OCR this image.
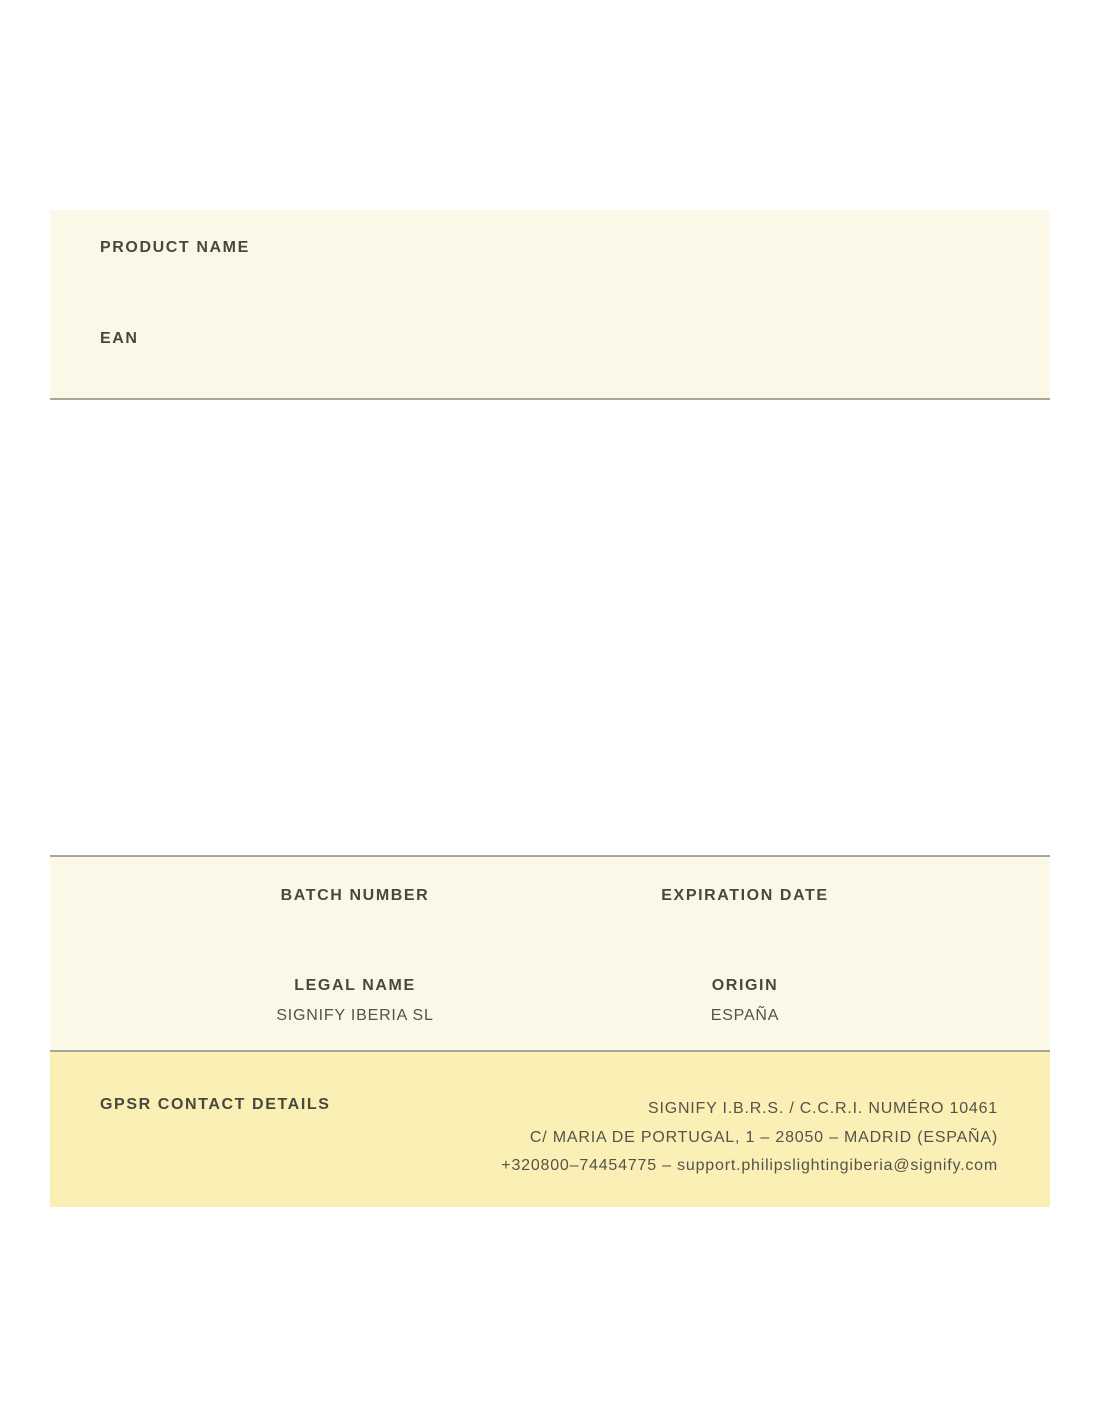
PRODUCT NAME
EAN
BATCH NUMBER	EXPIRATION DATE
LEGAL NAME
SIGNIFY IBERIA SL
ORIGIN
ESPAÑA
GPSR CONTACT DETAILS	SIGNIFY I.B.R.S. / C.C.R.I. NUMÉRO 10461
C/ MARIA DE PORTUGAL, 1 – 28050 – MADRID (ESPAÑA)
+320800–74454775 – support.philipslightingiberia@signify.com
